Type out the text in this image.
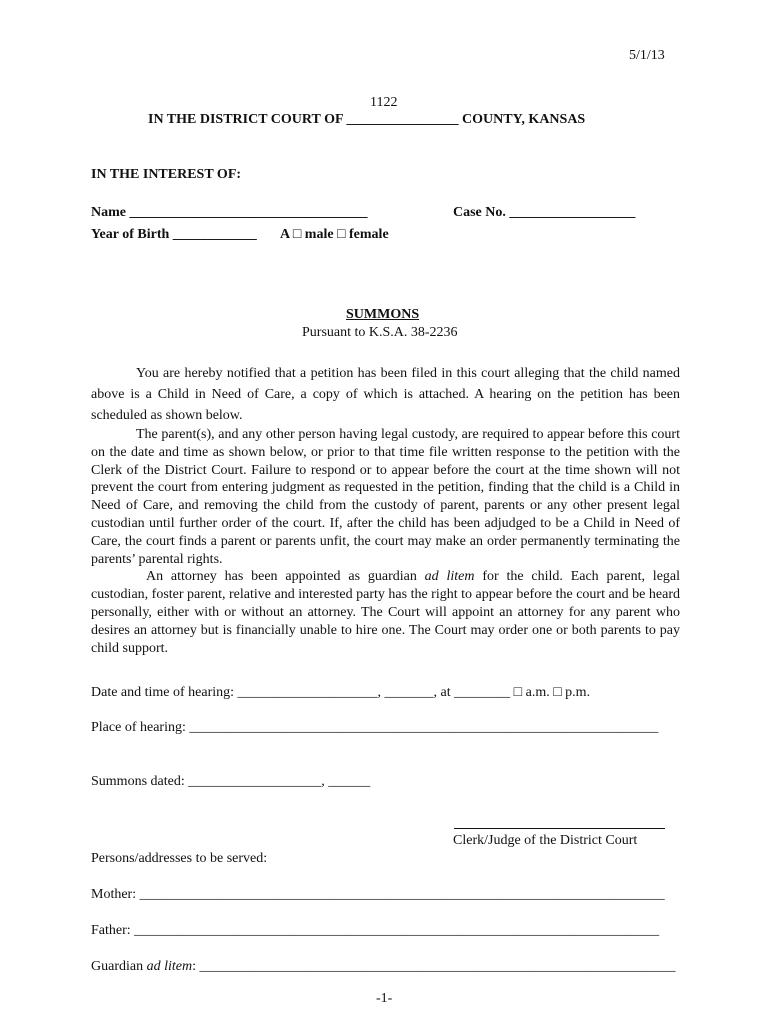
5/1/13
1122
IN THE DISTRICT COURT OF ________________ COUNTY, KANSAS
IN THE INTEREST OF:
Name __________________________________	Case No. __________________
Year of Birth ____________ A □ male □ female
SUMMONS
Pursuant to K.S.A. 38-2236

You are hereby notified that a petition has been filed in this court alleging that the child named above is a Child in Need of Care, a copy of which is attached. A hearing on the petition has been scheduled as shown below.

The parent(s), and any other person having legal custody, are required to appear before this court on the date and time as shown below, or prior to that time file written response to the petition with the Clerk of the District Court. Failure to respond or to appear before the court at the time shown will not prevent the court from entering judgment as requested in the petition, finding that the child is a Child in Need of Care, and removing the child from the custody of parent, parents or any other present legal custodian until further order of the court. If, after the child has been adjudged to be a Child in Need of Care, the court finds a parent or parents unfit, the court may make an order permanently terminating the parents’ parental rights.

An attorney has been appointed as guardian ad litem for the child. Each parent, legal custodian, foster parent, relative and interested party has the right to appear before the court and be heard personally, either with or without an attorney. The Court will appoint an attorney for any parent who desires an attorney but is financially unable to hire one. The Court may order one or both parents to pay child support.

Date and time of hearing: ____________________, _______, at ________ □ a.m. □ p.m.
Place of hearing: ___________________________________________________________________
Summons dated: ___________________, ______
Clerk/Judge of the District Court
Persons/addresses to be served:
Mother: ___________________________________________________________________________
Father: ___________________________________________________________________________
Guardian ad litem: ____________________________________________________________________
-1-
